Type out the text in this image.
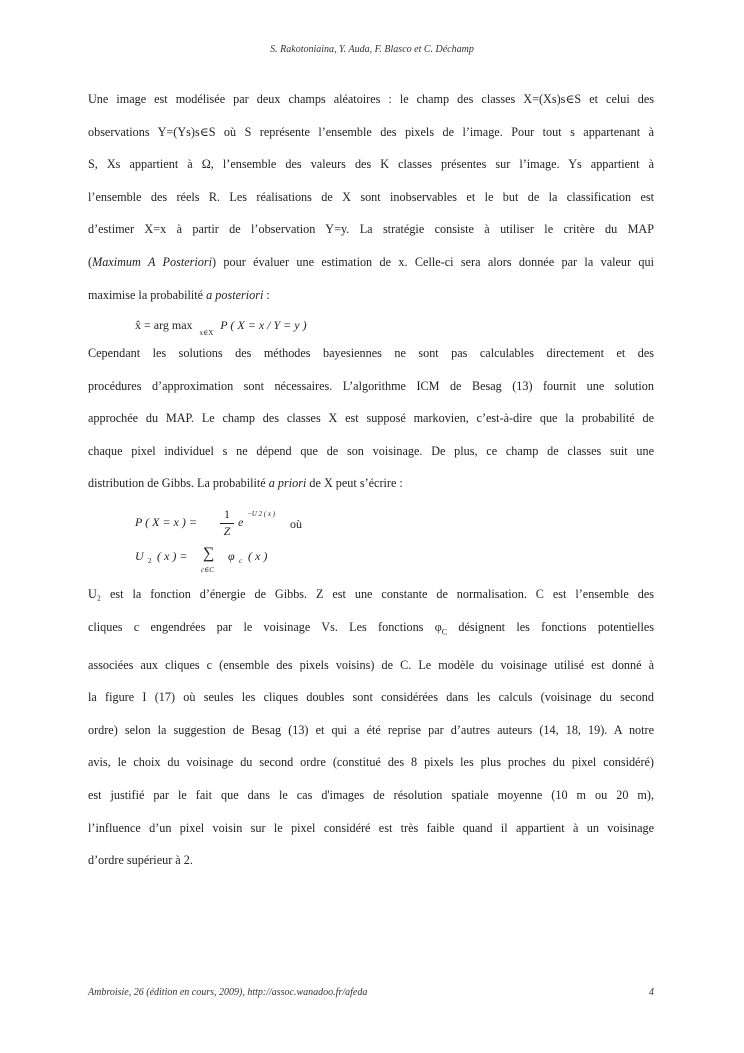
S. Rakotoniaina, Y. Auda, F. Blasco et C. Déchamp
Une image est modélisée par deux champs aléatoires : le champ des classes X=(Xs)s∈S et celui des
observations Y=(Ys)s∈S où S représente l’ensemble des pixels de l’image. Pour tout s appartenant à
S, Xs appartient à Ω, l’ensemble des valeurs des K classes présentes sur l’image. Ys appartient à
l’ensemble des réels R. Les réalisations de X sont inobservables et le but de la classification est
d’estimer X=x à partir de l’observation Y=y. La stratégie consiste à utiliser le critère du MAP
(Maximum A Posteriori) pour évaluer une estimation de x. Celle-ci sera alors donnée par la valeur qui
maximise la probabilité a posteriori :
x̂ = arg max $_{x\in X}$ P ( X = x / Y = y )
Cependant les solutions des méthodes bayesiennes ne sont pas calculables directement et des
procédures d’approximation sont nécessaires. L’algorithme ICM de Besag (13) fournit une solution
approchée du MAP. Le champ des classes X est supposé markovien, c’est-à-dire que la probabilité de
chaque pixel individuel s ne dépend que de son voisinage. De plus, ce champ de classes suit une
distribution de Gibbs. La probabilité a priori de X peut s’écrire :
P ( X = x ) =
1
Z
e
−U 2 ( x )
où
U 2 ( x ) = ∑
c∈C
φ c ( x )
U₂ est la fonction d’énergie de Gibbs. Z est une constante de normalisation. C est l’ensemble des
cliques c engendrées par le voisinage Vs. Les fonctions $\varphi_C$ désignent les fonctions potentielles
associées aux cliques c (ensemble des pixels voisins) de C. Le modèle du voisinage utilisé est donné à
la figure I (17) où seules les cliques doubles sont considérées dans les calculs (voisinage du second
ordre) selon la suggestion de Besag (13) et qui a été reprise par d’autres auteurs (14, 18, 19). A notre
avis, le choix du voisinage du second ordre (constitué des 8 pixels les plus proches du pixel considéré)
est justifié par le fait que dans le cas d'images de résolution spatiale moyenne (10 m ou 20 m),
l’influence d’un pixel voisin sur le pixel considéré est très faible quand il appartient à un voisinage
d’ordre supérieur à 2.
Ambroisie, 26 (édition en cours, 2009), http://assoc.wanadoo.fr/afeda	4
